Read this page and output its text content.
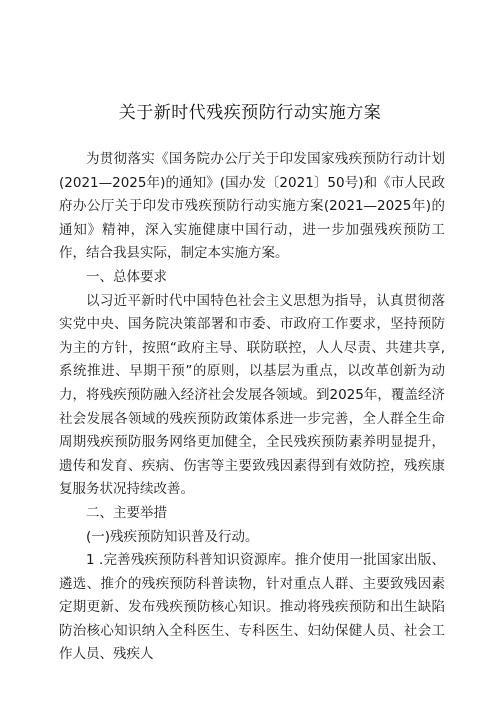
关于新时代残疾预防行动实施方案

为贯彻落实《国务院办公厅关于印发国家残疾预防行动计划(2021—2025年)的通知》(国办发〔2021〕50号)和《市人民政府办公厅关于印发市残疾预防行动实施方案(2021—2025年)的通知》精神，深入实施健康中国行动，进一步加强残疾预防工作，结合我县实际，制定本实施方案。

一、总体要求

以习近平新时代中国特色社会主义思想为指导，认真贯彻落实党中央、国务院决策部署和市委、市政府工作要求，坚持预防为主的方针，按照“政府主导、联防联控，人人尽责、共建共享,系统推进、早期干预”的原则，以基层为重点，以改革创新为动力，将残疾预防融入经济社会发展各领域。到2025年，覆盖经济社会发展各领域的残疾预防政策体系进一步完善，全人群全生命周期残疾预防服务网络更加健全，全民残疾预防素养明显提升，遗传和发育、疾病、伤害等主要致残因素得到有效防控，残疾康复服务状况持续改善。

二、主要举措

(一)残疾预防知识普及行动。

1 .完善残疾预防科普知识资源库。推介使用一批国家出版、遴选、推介的残疾预防科普读物，针对重点人群、主要致残因素定期更新、发布残疾预防核心知识。推动将残疾预防和出生缺陷防治核心知识纳入全科医生、专科医生、妇幼保健人员、社会工作人员、残疾人
